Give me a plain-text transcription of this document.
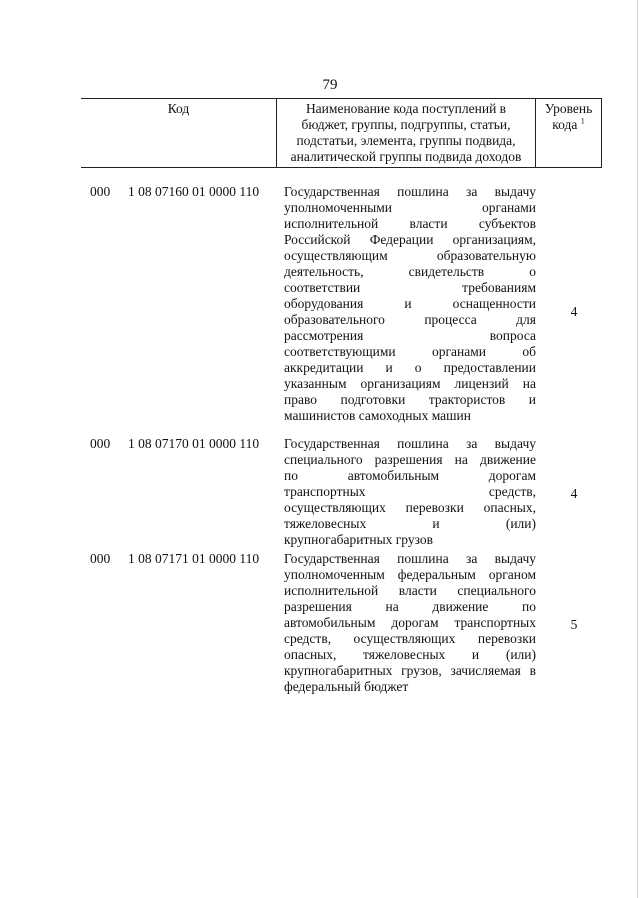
79
Код	Наименование кода поступлений в
бюджет, группы, подгруппы, статьи,
подстатьи, элемента, группы подвида,
аналитической группы подвида доходов
Уровень
кода $^1$
000 1 08 07160 01 0000 110 Государственная пошлина за выдачу
уполномоченными органами
исполнительной власти субъектов
Российской Федерации организациям,
осуществляющим образовательную
деятельность, свидетельств о
соответствии требованиям
оборудования и оснащенности
образовательного процесса для
рассмотрения вопроса
соответствующими органами об
аккредитации и о предоставлении
указанным организациям лицензий на
право подготовки трактористов и
машинистов самоходных машин
4
000 1 08 07170 01 0000 110 Государственная пошлина за выдачу
специального разрешения на движение
по автомобильным дорогам
транспортных средств,
осуществляющих перевозки опасных,
тяжеловесных и (или)
крупногабаритных грузов
4
000 1 08 07171 01 0000 110 Государственная пошлина за выдачу
уполномоченным федеральным органом
исполнительной власти специального
разрешения на движение по
автомобильным дорогам транспортных
средств, осуществляющих перевозки
опасных, тяжеловесных и (или)
крупногабаритных грузов, зачисляемая в
федеральный бюджет
5
